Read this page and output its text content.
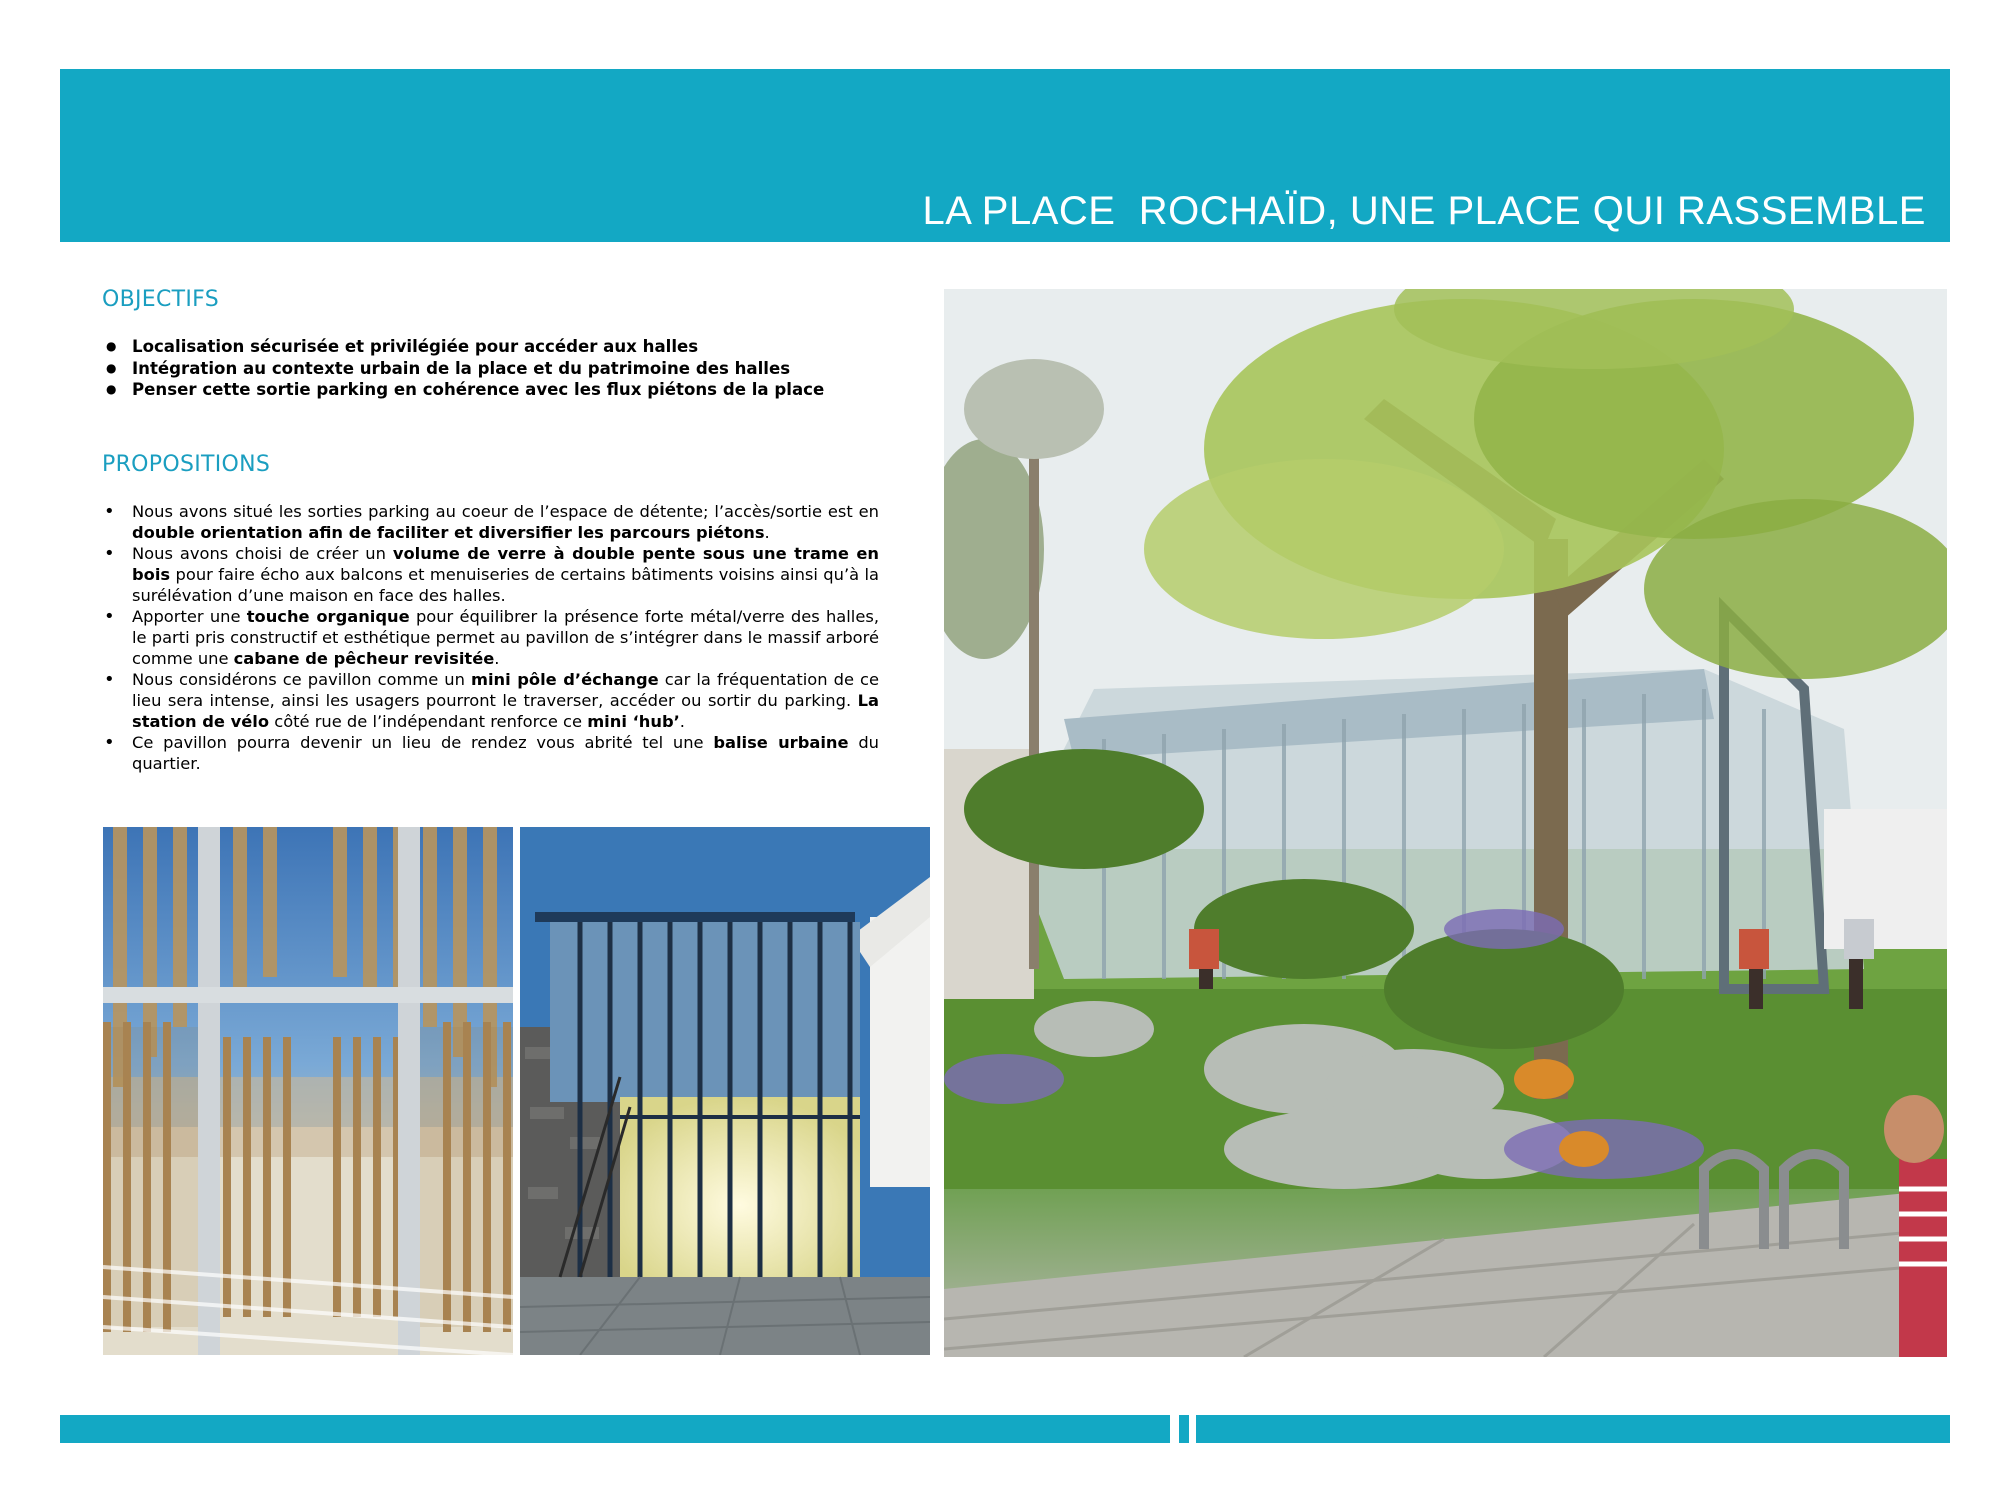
LA PLACE  ROCHAÏD, UNE PLACE QUI RASSEMBLE
OBJECTIFS
● Localisation sécurisée et privilégiée pour accéder aux halles
● Intégration au contexte urbain de la place et du patrimoine des halles
● Penser cette sortie parking en cohérence avec les flux piétons de la place
PROPOSITIONS
• Nous avons situé les sorties parking au coeur de l’espace de détente; l’accès/sortie est en double orientation afin de faciliter et diversifier les parcours piétons.
• Nous avons choisi de créer un volume de verre à double pente sous une trame en bois pour faire écho aux balcons et menuiseries de certains bâtiments voisins ainsi qu’à la surélévation d’une maison en face des halles.
• Apporter une touche organique pour équilibrer la présence forte métal/verre des halles, le parti pris constructif et esthétique permet au pavillon de s’intégrer dans le massif arboré comme une cabane de pêcheur revisitée.
• Nous considérons ce pavillon comme un mini pôle d’échange car la fréquentation de ce lieu sera intense, ainsi les usagers pourront le traverser, accéder ou sortir du parking. La station de vélo côté rue de l’indépendant renforce ce mini ‘hub’.
• Ce pavillon pourra devenir un lieu de rendez vous abrité tel une balise urbaine du quartier.
